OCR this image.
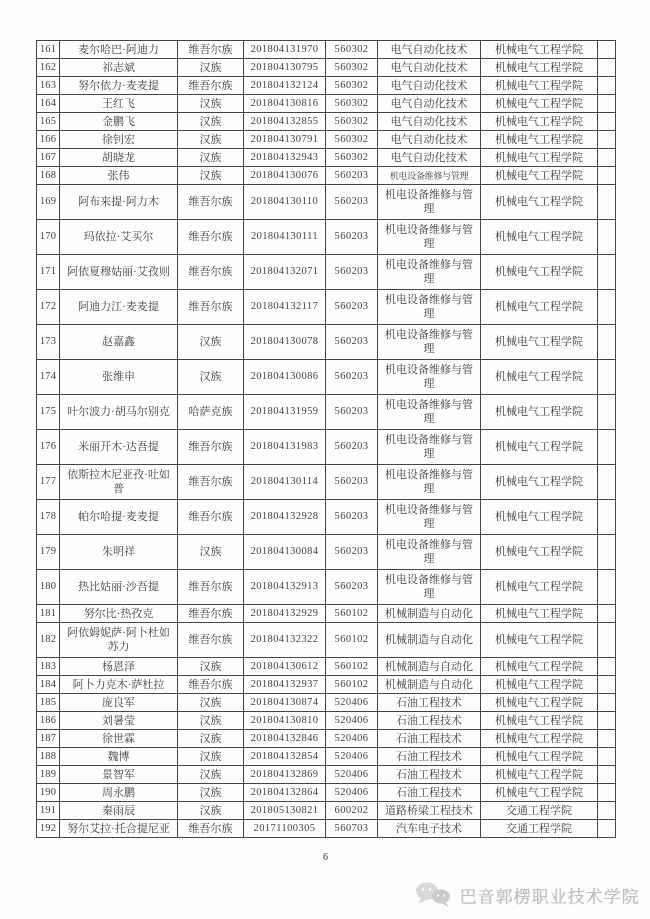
161	麦尔哈巴·阿迪力	维吾尔族	201804131970	560302	电气自动化技术	机械电气工程学院	
162	祁志斌	汉族	201804130795	560302	电气自动化技术	机械电气工程学院	
163	努尔依力·麦麦提	维吾尔族	201804132124	560302	电气自动化技术	机械电气工程学院	
164	王红飞	汉族	201804130816	560302	电气自动化技术	机械电气工程学院	
165	金鹏飞	汉族	201804132855	560302	电气自动化技术	机械电气工程学院	
166	徐钊宏	汉族	201804130791	560302	电气自动化技术	机械电气工程学院	
167	胡晓龙	汉族	201804132943	560302	电气自动化技术	机械电气工程学院	
168	张伟	汉族	201804130076	560203	机电设备维修与管理	机械电气工程学院	
169	阿布来提·阿力木	维吾尔族	201804130110	560203	机电设备维修与管理	机械电气工程学院	
170	玛依拉·艾买尔	维吾尔族	201804130111	560203	机电设备维修与管理	机械电气工程学院	
171	阿依夏穆姑丽·艾孜则	维吾尔族	201804132071	560203	机电设备维修与管理	机械电气工程学院	
172	阿迪力江·麦麦提	维吾尔族	201804132117	560203	机电设备维修与管理	机械电气工程学院	
173	赵嘉鑫	汉族	201804130078	560203	机电设备维修与管理	机械电气工程学院	
174	张维申	汉族	201804130086	560203	机电设备维修与管理	机械电气工程学院	
175	叶尔波力·胡马尔别克	哈萨克族	201804131959	560203	机电设备维修与管理	机械电气工程学院	
176	米丽开木·达吾提	维吾尔族	201804131983	560203	机电设备维修与管理	机械电气工程学院	
177	依斯拉木尼亚孜·吐如普	维吾尔族	201804130114	560203	机电设备维修与管理	机械电气工程学院	
178	帕尔哈提·麦麦提	维吾尔族	201804132928	560203	机电设备维修与管理	机械电气工程学院	
179	朱明祥	汉族	201804130084	560203	机电设备维修与管理	机械电气工程学院	
180	热比姑丽·沙吾提	维吾尔族	201804132913	560203	机电设备维修与管理	机械电气工程学院	
181	努尔比·热孜克	维吾尔族	201804132929	560102	机械制造与自动化	机械电气工程学院	
182	阿依姆妮萨·阿卜杜如苏力	维吾尔族	201804132322	560102	机械制造与自动化	机械电气工程学院	
183	杨恩泽	汉族	201804130612	560102	机械制造与自动化	机械电气工程学院	
184	阿卜力克木·萨杜拉	维吾尔族	201804132937	560102	机械制造与自动化	机械电气工程学院	
185	庞良军	汉族	201804130874	520406	石油工程技术	机械电气工程学院	
186	刘暑莹	汉族	201804130810	520406	石油工程技术	机械电气工程学院	
187	徐世霖	汉族	201804132846	520406	石油工程技术	机械电气工程学院	
188	魏博	汉族	201804132854	520406	石油工程技术	机械电气工程学院	
189	景智军	汉族	201804132869	520406	石油工程技术	机械电气工程学院	
190	周永鹏	汉族	201804132864	520406	石油工程技术	机械电气工程学院	
191	秦雨辰	汉族	201805130821	600202	道路桥梁工程技术	交通工程学院	
192	努尔艾拉·托合提尼亚	维吾尔族	20171100305	560703	汽车电子技术	交通工程学院	
6
巴音郭楞职业技术学院
